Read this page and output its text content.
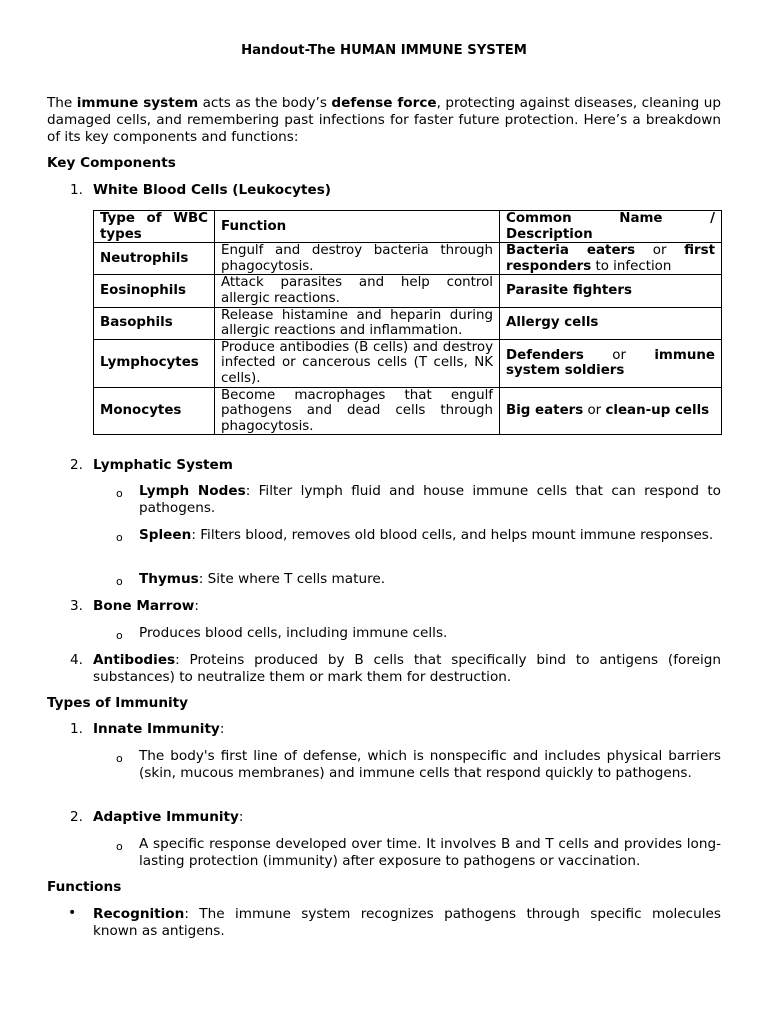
Handout-The HUMAN IMMUNE SYSTEM
The immune system acts as the body’s defense force, protecting against diseases, cleaning up damaged cells, and remembering past infections for faster future protection. Here’s a breakdown of its key components and functions:
Key Components
1. White Blood Cells (Leukocytes)
Type of WBC types	Function	Common Name / Description
Neutrophils	Engulf and destroy bacteria through phagocytosis.	Bacteria eaters or first responders to infection
Eosinophils	Attack parasites and help control allergic reactions.	Parasite fighters
Basophils	Release histamine and heparin during allergic reactions and inflammation.	Allergy cells
Lymphocytes	Produce antibodies (B cells) and destroy infected or cancerous cells (T cells, NK cells).	Defenders or immune system soldiers
Monocytes	Become macrophages that engulf pathogens and dead cells through phagocytosis.	Big eaters or clean-up cells
2. Lymphatic System
o Lymph Nodes: Filter lymph fluid and house immune cells that can respond to pathogens.
o Spleen: Filters blood, removes old blood cells, and helps mount immune responses.
o Thymus: Site where T cells mature.
3. Bone Marrow:
o Produces blood cells, including immune cells.
4. Antibodies: Proteins produced by B cells that specifically bind to antigens (foreign substances) to neutralize them or mark them for destruction.
Types of Immunity
1. Innate Immunity:
o The body's first line of defense, which is nonspecific and includes physical barriers (skin, mucous membranes) and immune cells that respond quickly to pathogens.
2. Adaptive Immunity:
o A specific response developed over time. It involves B and T cells and provides long-lasting protection (immunity) after exposure to pathogens or vaccination.
Functions
• Recognition: The immune system recognizes pathogens through specific molecules known as antigens.
